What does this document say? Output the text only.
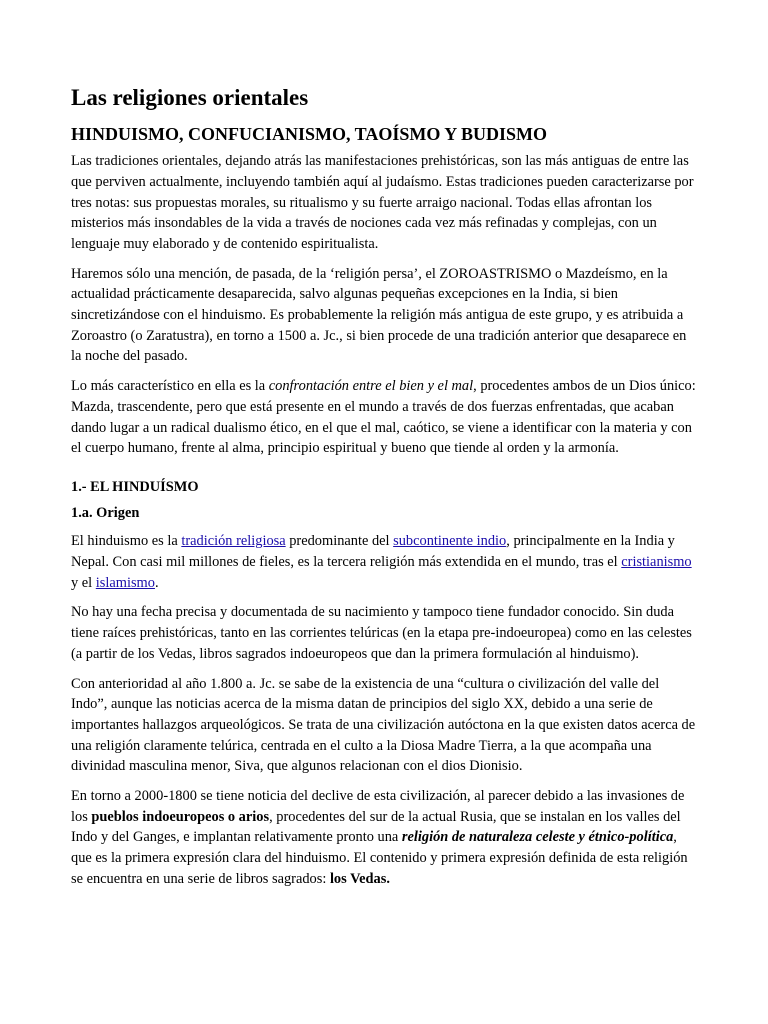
Las religiones orientales
HINDUISMO, CONFUCIANISMO, TAOÍSMO Y BUDISMO

Las tradiciones orientales, dejando atrás las manifestaciones prehistóricas, son las más antiguas de entre las que perviven actualmente, incluyendo también aquí al judaísmo. Estas tradiciones pueden caracterizarse por tres notas: sus propuestas morales, su ritualismo y su fuerte arraigo nacional. Todas ellas afrontan los misterios más insondables de la vida a través de nociones cada vez más refinadas y complejas, con un lenguaje muy elaborado y de contenido espiritualista.

Haremos sólo una mención, de pasada, de la ‘religión persa’, el ZOROASTRISMO o Mazdeísmo, en la actualidad prácticamente desaparecida, salvo algunas pequeñas excepciones en la India, si bien sincretizándose con el hinduismo. Es probablemente la religión más antigua de este grupo, y es atribuida a Zoroastro (o Zaratustra), en torno a 1500 a. Jc., si bien procede de una tradición anterior que desaparece en la noche del pasado.

Lo más característico en ella es la confrontación entre el bien y el mal, procedentes ambos de un Dios único: Mazda, trascendente, pero que está presente en el mundo a través de dos fuerzas enfrentadas, que acaban dando lugar a un radical dualismo ético, en el que el mal, caótico, se viene a identificar con la materia y con el cuerpo humano, frente al alma, principio espiritual y bueno que tiende al orden y la armonía.

1.- EL HINDUÍSMO
1.a. Origen

El hinduismo es la tradición religiosa predominante del subcontinente indio, principalmente en la India y Nepal. Con casi mil millones de fieles, es la tercera religión más extendida en el mundo, tras el cristianismo y el islamismo.

No hay una fecha precisa y documentada de su nacimiento y tampoco tiene fundador conocido. Sin duda tiene raíces prehistóricas, tanto en las corrientes telúricas (en la etapa pre-indoeuropea) como en las celestes (a partir de los Vedas, libros sagrados indoeuropeos que dan la primera formulación al hinduismo).

Con anterioridad al año 1.800 a. Jc. se sabe de la existencia de una “cultura o civilización del valle del Indo”, aunque las noticias acerca de la misma datan de principios del siglo XX, debido a una serie de importantes hallazgos arqueológicos. Se trata de una civilización autóctona en la que existen datos acerca de una religión claramente telúrica, centrada en el culto a la Diosa Madre Tierra, a la que acompaña una divinidad masculina menor, Siva, que algunos relacionan con el dios Dionisio.

En torno a 2000-1800 se tiene noticia del declive de esta civilización, al parecer debido a las invasiones de los pueblos indoeuropeos o arios, procedentes del sur de la actual Rusia, que se instalan en los valles del Indo y del Ganges, e implantan relativamente pronto una religión de naturaleza celeste y étnico-política, que es la primera expresión clara del hinduismo. El contenido y primera expresión definida de esta religión se encuentra en una serie de libros sagrados: los Vedas.
